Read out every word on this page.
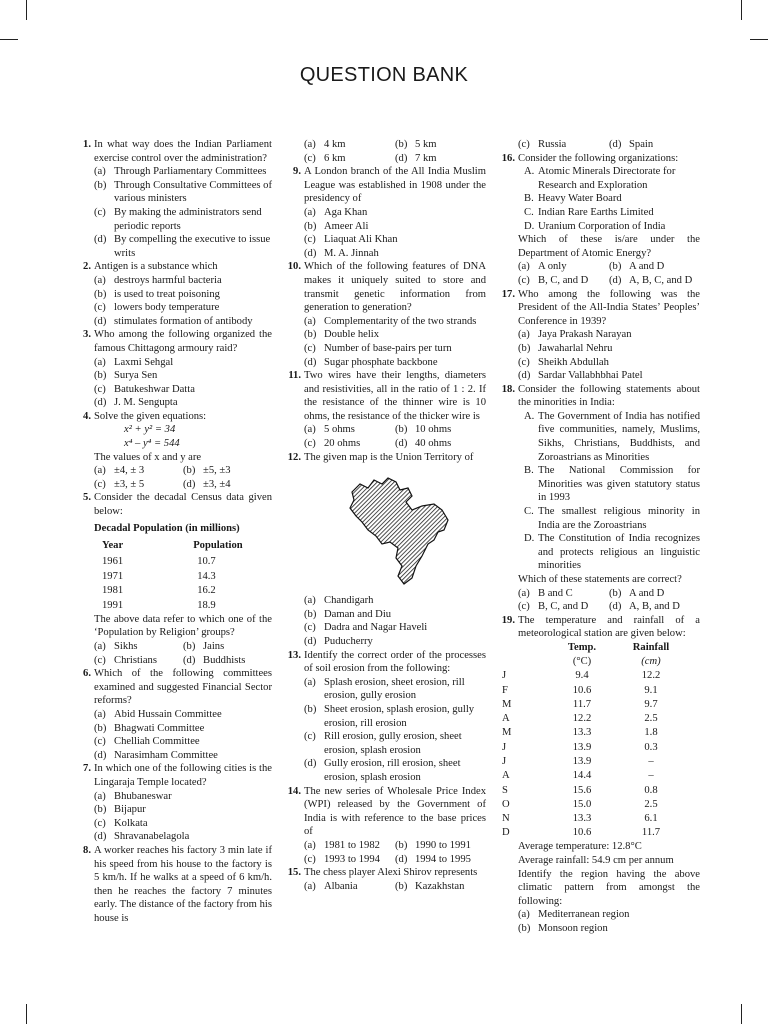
QUESTION BANK
1. In what way does the Indian Parliament exercise control over the administration?
(a) Through Parliamentary Committees
(b) Through Consultative Committees of various ministers
(c) By making the administrators send periodic reports
(d) By compelling the executive to issue writs
2. Antigen is a substance which
(a) destroys harmful bacteria
(b) is used to treat poisoning
(c) lowers body temperature
(d) stimulates formation of antibody
3. Who among the following organized the famous Chittagong armoury raid?
(a) Laxmi Sehgal
(b) Surya Sen
(c) Batukeshwar Datta
(d) J. M. Sengupta
4. Solve the given equations:
x² + y² = 34
x⁴ – y⁴ = 544
The values of x and y are
(a) ±4, ± 3	(b) ±5, ±3
(c) ±3, ± 5	(d) ±3, ±4
5. Consider the decadal Census data given below:
Decadal Population (in millions)
Year	Population
1961	10.7
1971	14.3
1981	16.2
1991	18.9
The above data refer to which one of the ‘Population by Religion’ groups?
(a) Sikhs	(b) Jains
(c) Christians	(d) Buddhists
6. Which of the following committees examined and suggested Financial Sector reforms?
(a) Abid Hussain Committee
(b) Bhagwati Committee
(c) Chelliah Committee
(d) Narasimham Committee
7. In which one of the following cities is the Lingaraja Temple located?
(a) Bhubaneswar
(b) Bijapur
(c) Kolkata
(d) Shravanabelagola
8. A worker reaches his factory 3 min late if his speed from his house to the factory is 5 km/h. If he walks at a speed of 6 km/h. then he reaches the factory 7 minutes early. The distance of the factory from his house is
(a) 4 km	(b) 5 km
(c) 6 km	(d) 7 km
9. A London branch of the All India Muslim League was established in 1908 under the presidency of
(a) Aga Khan
(b) Ameer Ali
(c) Liaquat Ali Khan
(d) M. A. Jinnah
10. Which of the following features of DNA makes it uniquely suited to store and transmit genetic information from generation to generation?
(a) Complementarity of the two strands
(b) Double helix
(c) Number of base-pairs per turn
(d) Sugar phosphate backbone
11. Two wires have their lengths, diameters and resistivities, all in the ratio of 1 : 2. If the resistance of the thinner wire is 10 ohms, the resistance of the thicker wire is
(a) 5 ohms	(b) 10 ohms
(c) 20 ohms	(d) 40 ohms
12. The given map is the Union Territory of
(a) Chandigarh
(b) Daman and Diu
(c) Dadra and Nagar Haveli
(d) Puducherry
13. Identify the correct order of the processes of soil erosion from the following:
(a) Splash erosion, sheet erosion, rill erosion, gully erosion
(b) Sheet erosion, splash erosion, gully erosion, rill erosion
(c) Rill erosion, gully erosion, sheet erosion, splash erosion
(d) Gully erosion, rill erosion, sheet erosion, splash erosion
14. The new series of Wholesale Price Index (WPI) released by the Government of India is with reference to the base prices of
(a) 1981 to 1982	(b) 1990 to 1991
(c) 1993 to 1994	(d) 1994 to 1995
15. The chess player Alexi Shirov represents
(a) Albania	(b) Kazakhstan
(c) Russia	(d) Spain
16. Consider the following organizations:
A. Atomic Minerals Directorate for Research and Exploration
B. Heavy Water Board
C. Indian Rare Earths Limited
D. Uranium Corporation of India
Which of these is/are under the Department of Atomic Energy?
(a) A only	(b) A and D
(c) B, C, and D	(d) A, B, C, and D
17. Who among the following was the President of the All-India States’ Peoples’ Conference in 1939?
(a) Jaya Prakash Narayan
(b) Jawaharlal Nehru
(c) Sheikh Abdullah
(d) Sardar Vallabhbhai Patel
18. Consider the following statements about the minorities in India:
A. The Government of India has notified five communities, namely, Muslims, Sikhs, Christians, Buddhists, and Zoroastrians as Minorities
B. The National Commission for Minorities was given statutory status in 1993
C. The smallest religious minority in India are the Zoroastrians
D. The Constitution of India recognizes and protects religious an linguistic minorities
Which of these statements are correct?
(a) B and C	(b) A and D
(c) B, C, and D	(d) A, B, and D
19. The temperature and rainfall of a meteorological station are given below:
	Temp.	Rainfall
	(°C)	(cm)
J	9.4	12.2
F	10.6	9.1
M	11.7	9.7
A	12.2	2.5
M	13.3	1.8
J	13.9	0.3
J	13.9	–
A	14.4	–
S	15.6	0.8
O	15.0	2.5
N	13.3	6.1
D	10.6	11.7
Average temperature: 12.8°C
Average rainfall: 54.9 cm per annum
Identify the region having the above climatic pattern from amongst the following:
(a) Mediterranean region
(b) Monsoon region
